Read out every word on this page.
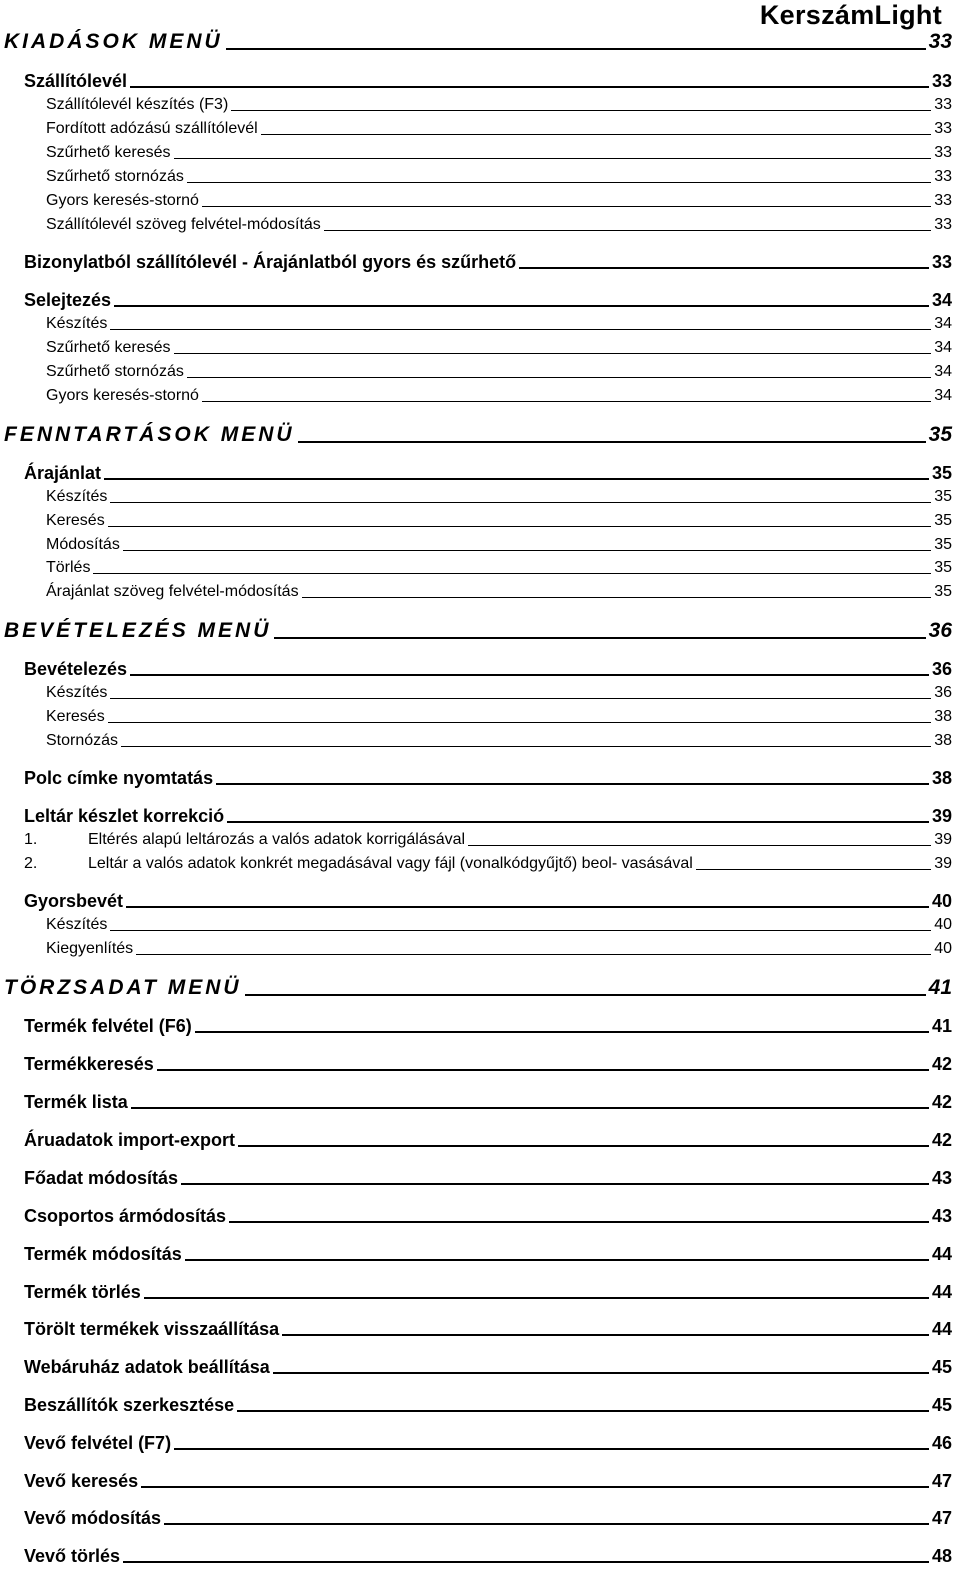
KerszámLight
KIADÁSOK MENÜ	33
Szállítólevél	33
Szállítólevél készítés (F3)	33
Fordított adózású szállítólevél	33
Szűrhető keresés	33
Szűrhető stornózás	33
Gyors keresés-stornó	33
Szállítólevél szöveg felvétel-módosítás	33
Bizonylatból szállítólevél - Árajánlatból gyors és szűrhető	33
Selejtezés	34
Készítés	34
Szűrhető keresés	34
Szűrhető stornózás	34
Gyors keresés-stornó	34
FENNTARTÁSOK MENÜ	35
Árajánlat	35
Készítés	35
Keresés	35
Módosítás	35
Törlés	35
Árajánlat szöveg felvétel-módosítás	35
BEVÉTELEZÉS MENÜ	36
Bevételezés	36
Készítés	36
Keresés	38
Stornózás	38
Polc címke nyomtatás	38
Leltár készlet korrekció	39
1.	Eltérés alapú leltározás a valós adatok korrigálásával	39
2.	Leltár a valós adatok konkrét megadásával vagy fájl (vonalkódgyűjtő) beol- vasásával	39
Gyorsbevét	40
Készítés	40
Kiegyenlítés	40
TÖRZSADAT MENÜ	41
Termék felvétel (F6)	41
Termékkeresés	42
Termék lista	42
Áruadatok import-export	42
Főadat módosítás	43
Csoportos ármódosítás	43
Termék módosítás	44
Termék törlés	44
Törölt termékek visszaállítása	44
Webáruház adatok beállítása	45
Beszállítók szerkesztése	45
Vevő felvétel (F7)	46
Vevő keresés	47
Vevő módosítás	47
Vevő törlés	48
